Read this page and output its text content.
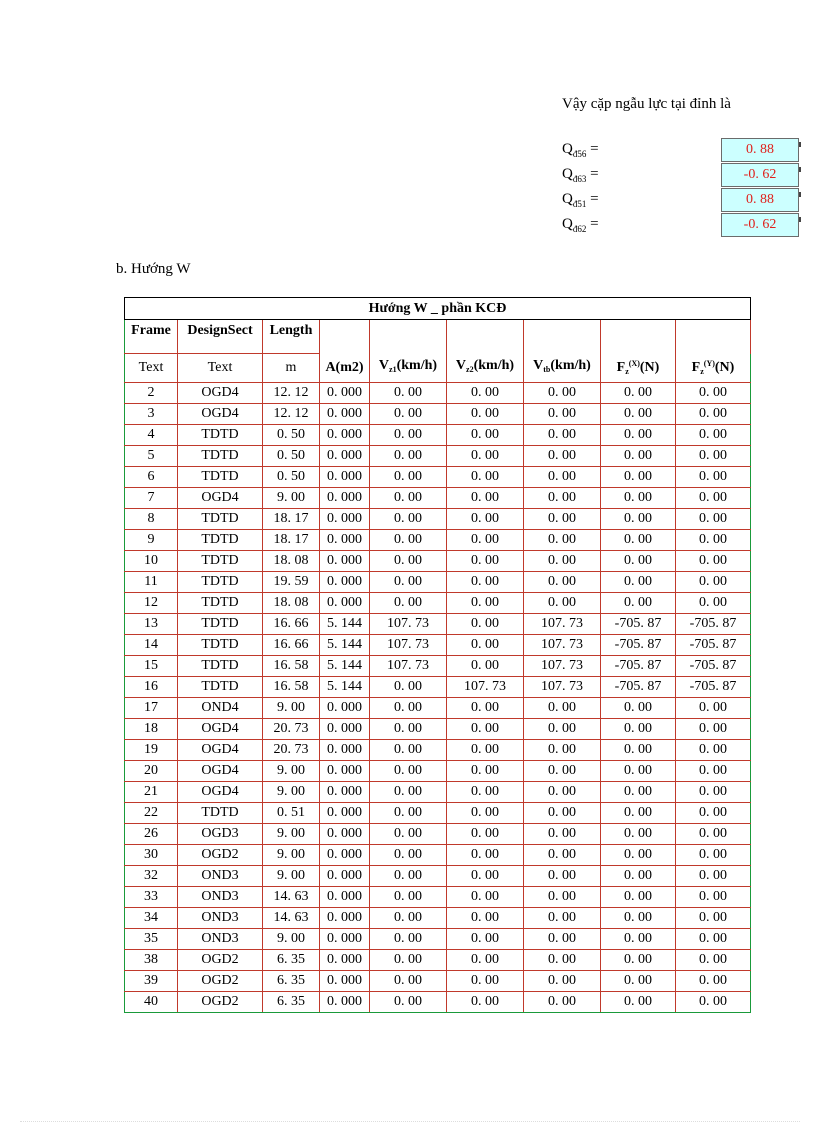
Vậy cặp ngẫu lực tại đỉnh là
$Q_{đ56}$ =	0. 88
$Q_{đ63}$ =	-0. 62
$Q_{đ51}$ =	0. 88
$Q_{đ62}$ =	-0. 62
b. Hướng W
Hướng W _ phần KCĐ								
Frame	DesignSect	Length						
Text	Text	m	A(m2)	$V_{z1}(km/h)$	$V_{z2}(km/h)$	$V_{tb}(km/h)$	$F_z^{(X)}(N)$	$F_z^{(Y)}(N)$
2	OGD4	12. 12	0. 000	0. 00	0. 00	0. 00	0. 00	0. 00
3	OGD4	12. 12	0. 000	0. 00	0. 00	0. 00	0. 00	0. 00
4	TDTD	0. 50	0. 000	0. 00	0. 00	0. 00	0. 00	0. 00
5	TDTD	0. 50	0. 000	0. 00	0. 00	0. 00	0. 00	0. 00
6	TDTD	0. 50	0. 000	0. 00	0. 00	0. 00	0. 00	0. 00
7	OGD4	9. 00	0. 000	0. 00	0. 00	0. 00	0. 00	0. 00
8	TDTD	18. 17	0. 000	0. 00	0. 00	0. 00	0. 00	0. 00
9	TDTD	18. 17	0. 000	0. 00	0. 00	0. 00	0. 00	0. 00
10	TDTD	18. 08	0. 000	0. 00	0. 00	0. 00	0. 00	0. 00
11	TDTD	19. 59	0. 000	0. 00	0. 00	0. 00	0. 00	0. 00
12	TDTD	18. 08	0. 000	0. 00	0. 00	0. 00	0. 00	0. 00
13	TDTD	16. 66	5. 144	107. 73	0. 00	107. 73	-705. 87	-705. 87
14	TDTD	16. 66	5. 144	107. 73	0. 00	107. 73	-705. 87	-705. 87
15	TDTD	16. 58	5. 144	107. 73	0. 00	107. 73	-705. 87	-705. 87
16	TDTD	16. 58	5. 144	0. 00	107. 73	107. 73	-705. 87	-705. 87
17	OND4	9. 00	0. 000	0. 00	0. 00	0. 00	0. 00	0. 00
18	OGD4	20. 73	0. 000	0. 00	0. 00	0. 00	0. 00	0. 00
19	OGD4	20. 73	0. 000	0. 00	0. 00	0. 00	0. 00	0. 00
20	OGD4	9. 00	0. 000	0. 00	0. 00	0. 00	0. 00	0. 00
21	OGD4	9. 00	0. 000	0. 00	0. 00	0. 00	0. 00	0. 00
22	TDTD	0. 51	0. 000	0. 00	0. 00	0. 00	0. 00	0. 00
26	OGD3	9. 00	0. 000	0. 00	0. 00	0. 00	0. 00	0. 00
30	OGD2	9. 00	0. 000	0. 00	0. 00	0. 00	0. 00	0. 00
32	OND3	9. 00	0. 000	0. 00	0. 00	0. 00	0. 00	0. 00
33	OND3	14. 63	0. 000	0. 00	0. 00	0. 00	0. 00	0. 00
34	OND3	14. 63	0. 000	0. 00	0. 00	0. 00	0. 00	0. 00
35	OND3	9. 00	0. 000	0. 00	0. 00	0. 00	0. 00	0. 00
38	OGD2	6. 35	0. 000	0. 00	0. 00	0. 00	0. 00	0. 00
39	OGD2	6. 35	0. 000	0. 00	0. 00	0. 00	0. 00	0. 00
40	OGD2	6. 35	0. 000	0. 00	0. 00	0. 00	0. 00	0. 00
